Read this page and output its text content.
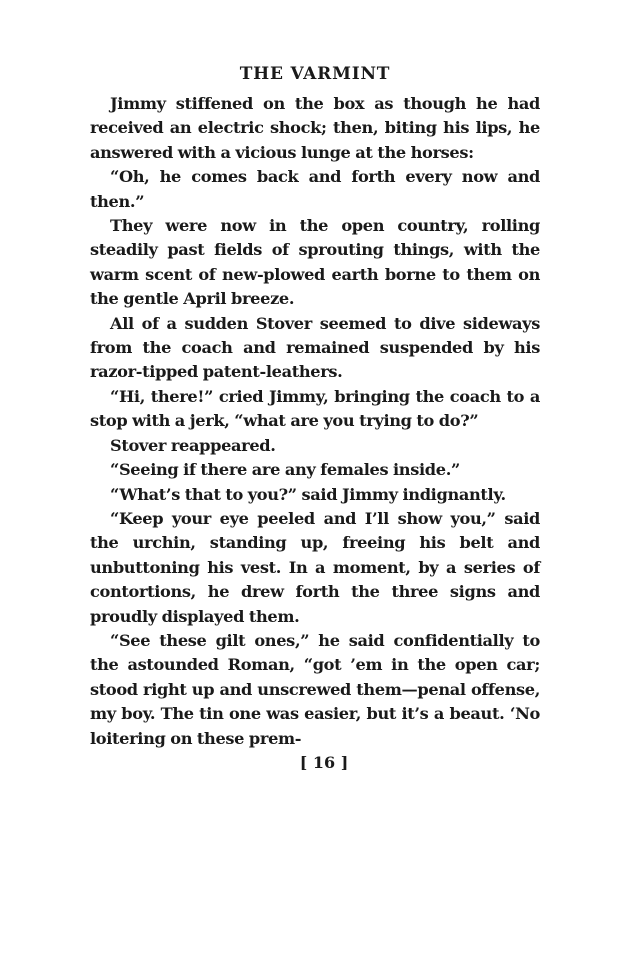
THE VARMINT

Jimmy stiffened on the box as though he had received an electric shock; then, biting his lips, he answered with a vicious lunge at the horses:

“Oh, he comes back and forth every now and then.”

They were now in the open country, rolling steadily past fields of sprouting things, with the warm scent of new-plowed earth borne to them on the gentle April breeze.

All of a sudden Stover seemed to dive sideways from the coach and remained suspended by his razor-tipped patent-leathers.

“Hi, there!” cried Jimmy, bringing the coach to a stop with a jerk, “what are you trying to do?”

Stover reappeared.

“Seeing if there are any females inside.”

“What’s that to you?” said Jimmy indignantly.

“Keep your eye peeled and I’ll show you,” said the urchin, standing up, freeing his belt and unbuttoning his vest. In a moment, by a series of contortions, he drew forth the three signs and proudly displayed them.

“See these gilt ones,” he said confidentially to the astounded Roman, “got ’em in the open car; stood right up and unscrewed them—penal offense, my boy. The tin one was easier, but it’s a beaut. ‘No loitering on these prem-

[ 16 ]
